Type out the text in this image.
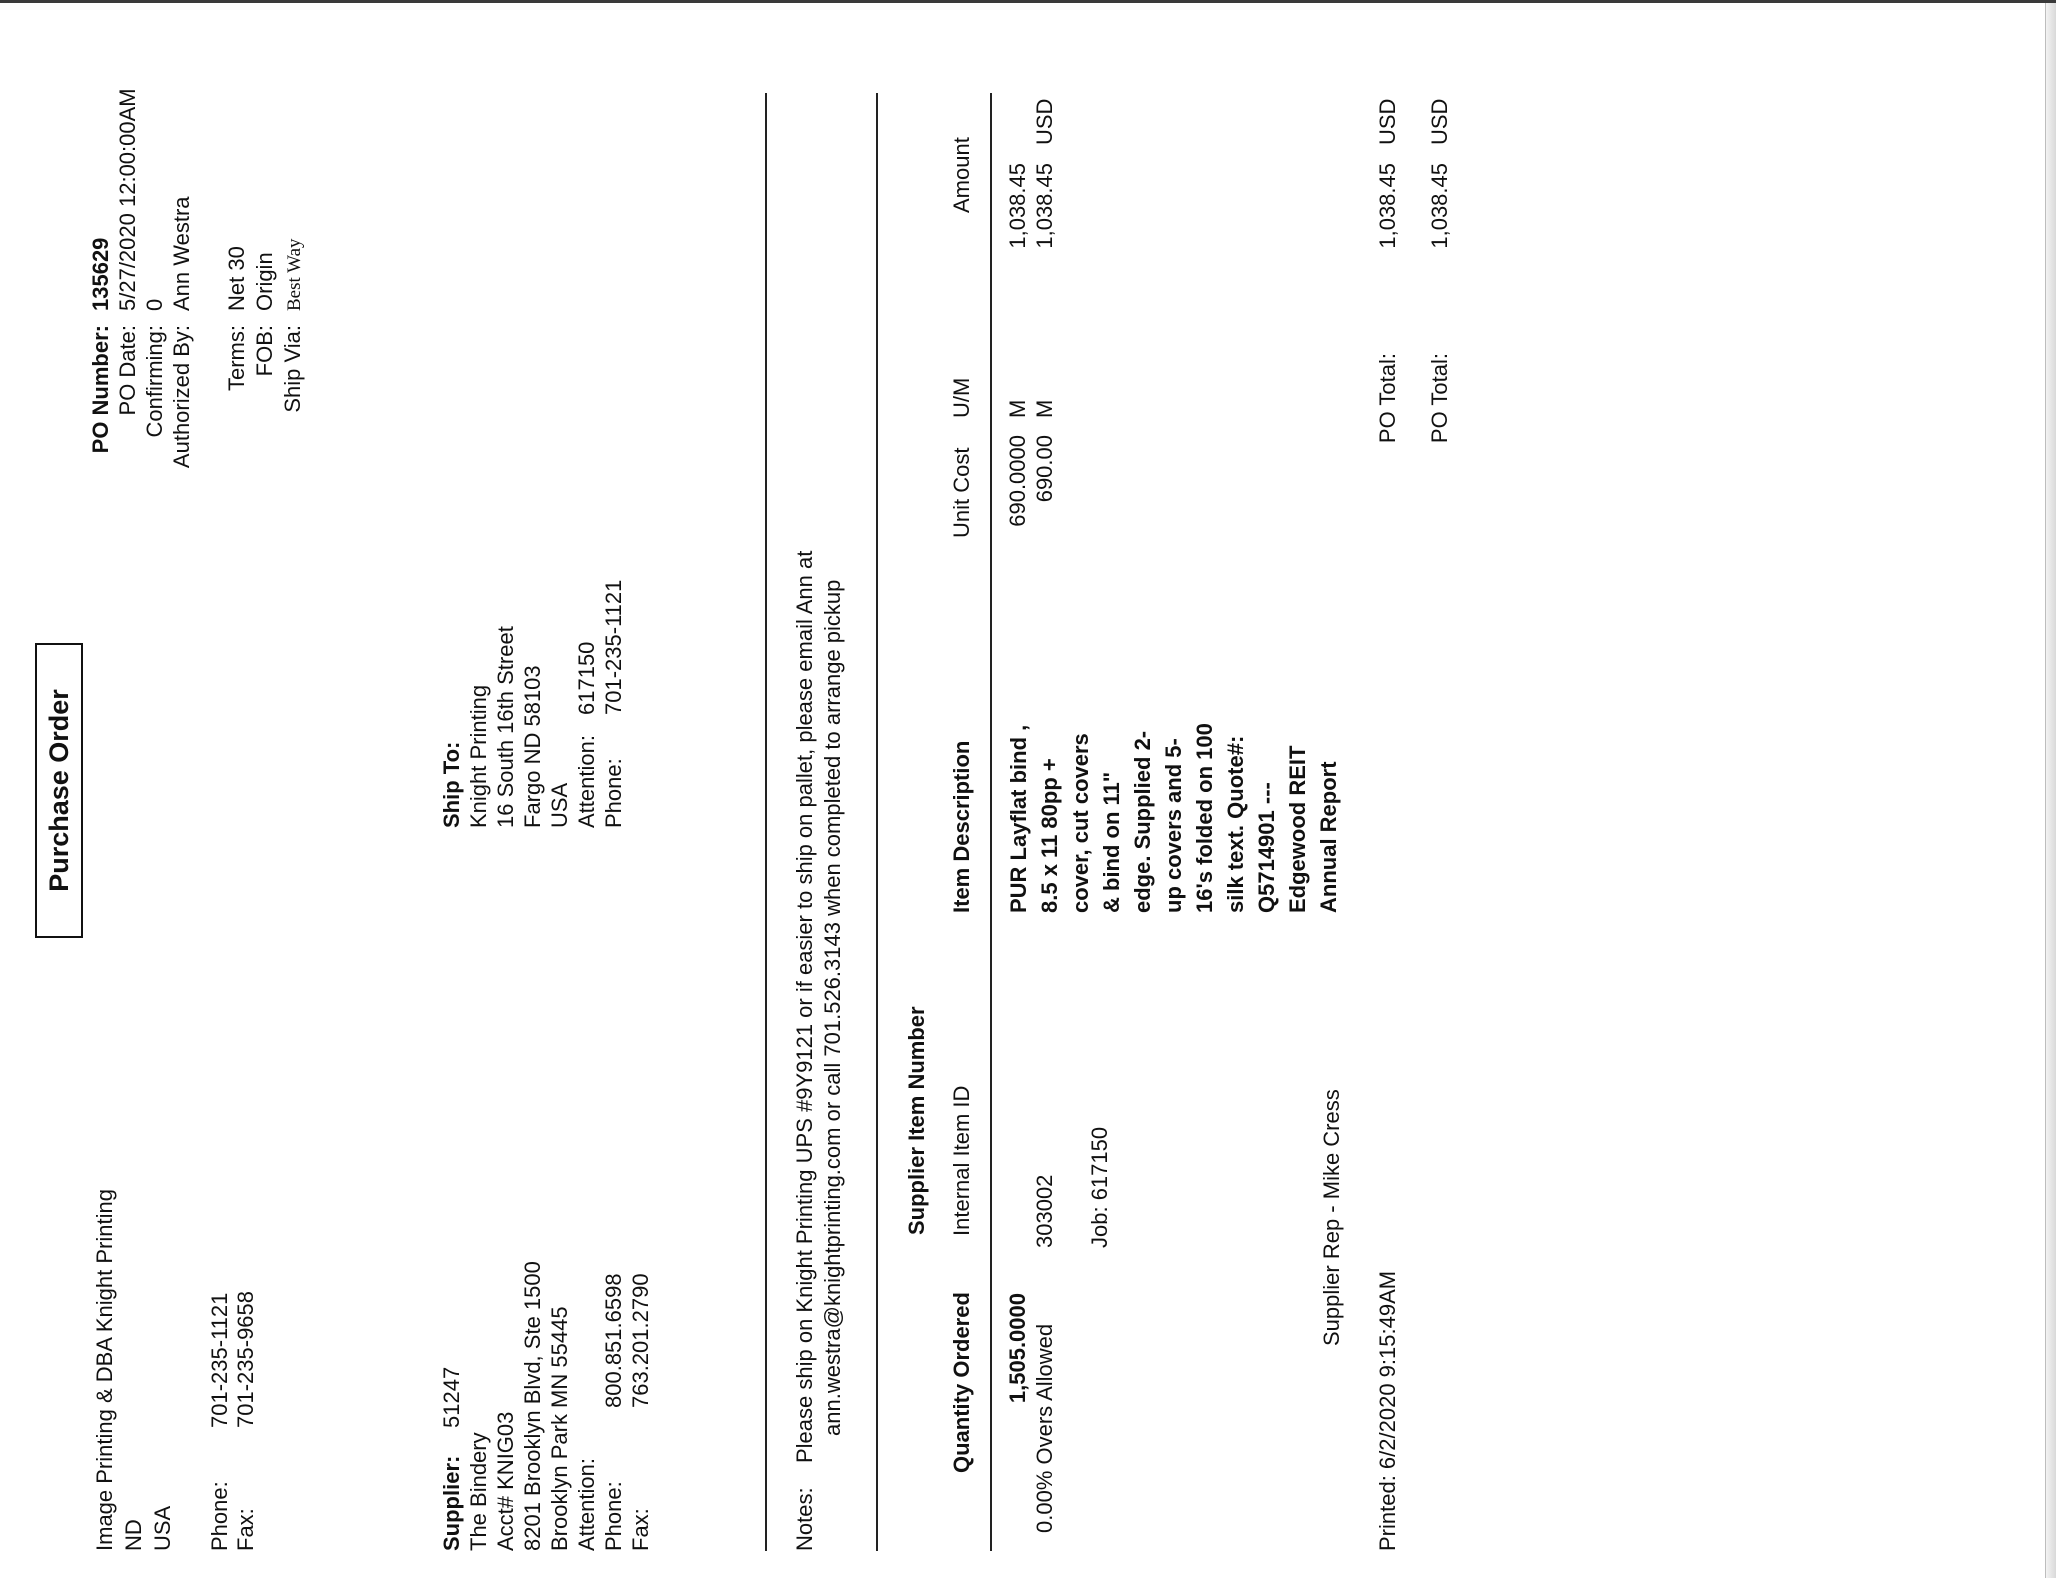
Purchase Order
Image Printing & DBA Knight Printing ND USA Phone:
701-235-1121
Fax:
701-235-9658
PO Number:
135629
PO Date:
5/27/2020 12:00:00AM
Confirming:
0
Authorized By:
Ann Westra
Terms:
Net 30
FOB:
Origin
Ship Via:
Best Way
Supplier:
51247
The Bindery Acct# KNIG03 8201 Brooklyn Blvd, Ste 1500 Brooklyn Park MN 55445 Attention: Phone:
800.851.6598
Fax:
763.201.2790
Ship To: Knight Printing 16 South 16th Street Fargo ND 58103 USA Attention:
617150
Phone:
701-235-1121
Notes:
Please ship on Knight Printing UPS #9Y9121 or if easier to ship on pallet, please email Ann at ann.westra@knightprinting.com or call 701.526.3143 when completed to arrange pickup	Supplier Item Number
Quantity Ordered
Internal Item ID
Item Description
Unit Cost
U/M
Amount
1,505.0000 0.00% Overs Allowed
303002 Job: 617150
PUR Layflat bind , 8.5 x 11 80pp + cover, cut covers & bind on 11" edge. Supplied 2-up covers and 5-16's folded on 100 silk text. Quote#: Q5714901 --- Edgewood REIT Annual Report
690.0000
M
1,038.45
690.00
M
1,038.45
USD
Supplier Rep - Mike Cress
Printed: 6/2/2020 9:15:49AM
PO Total:
1,038.45
USD
PO Total:
1,038.45
USD
